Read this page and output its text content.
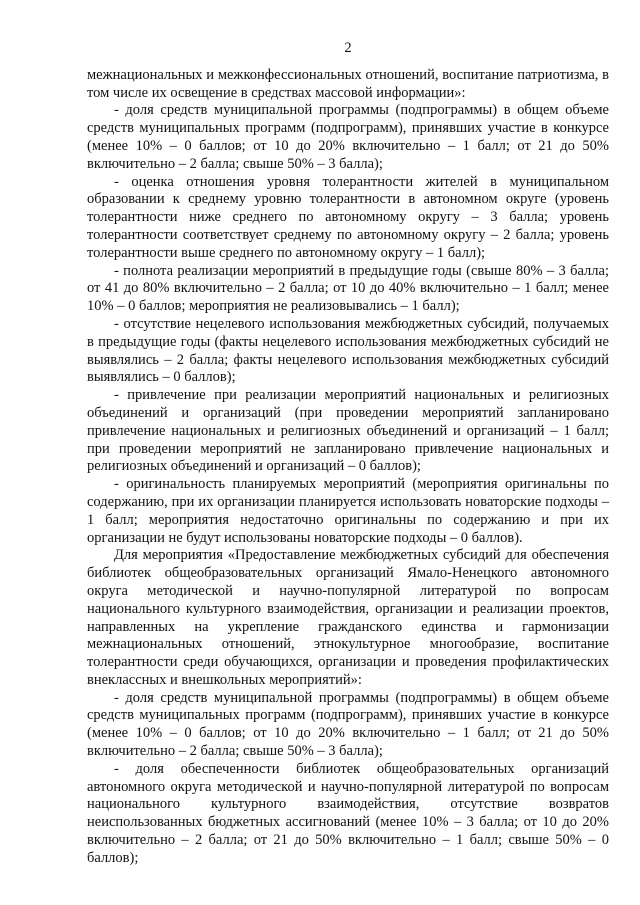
2

межнациональных и межконфессиональных отношений, воспитание патриотизма, в том числе их освещение в средствах массовой информации»:

- доля средств муниципальной программы (подпрограммы) в общем объеме средств муниципальных программ (подпрограмм), принявших участие в конкурсе (менее 10% – 0 баллов; от 10 до 20% включительно – 1 балл; от 21 до 50% включительно – 2 балла; свыше 50% – 3 балла);

- оценка отношения уровня толерантности жителей в муниципальном образовании к среднему уровню толерантности в автономном округе (уровень толерантности ниже среднего по автономному округу – 3 балла; уровень толерантности соответствует среднему по автономному округу – 2 балла; уровень толерантности выше среднего по автономному округу – 1 балл);

- полнота реализации мероприятий в предыдущие годы (свыше 80% – 3 балла; от 41 до 80% включительно – 2 балла; от 10 до 40% включительно – 1 балл; менее 10% – 0 баллов; мероприятия не реализовывались – 1 балл);

- отсутствие нецелевого использования межбюджетных субсидий, получаемых в предыдущие годы (факты нецелевого использования межбюджетных субсидий не выявлялись – 2 балла; факты нецелевого использования межбюджетных субсидий выявлялись – 0 баллов);

- привлечение при реализации мероприятий национальных и религиозных объединений и организаций (при проведении мероприятий запланировано привлечение национальных и религиозных объединений и организаций – 1 балл; при проведении мероприятий не запланировано привлечение национальных и религиозных объединений и организаций – 0 баллов);

- оригинальность планируемых мероприятий (мероприятия оригинальны по содержанию, при их организации планируется использовать новаторские подходы – 1 балл; мероприятия недостаточно оригинальны по содержанию и при их организации не будут использованы новаторские подходы – 0 баллов).

Для мероприятия «Предоставление межбюджетных субсидий для обеспечения библиотек общеобразовательных организаций Ямало-Ненецкого автономного округа методической и научно-популярной литературой по вопросам национального культурного взаимодействия, организации и реализации проектов, направленных на укрепление гражданского единства и гармонизации межнациональных отношений, этнокультурное многообразие, воспитание толерантности среди обучающихся, организации и проведения профилактических внеклассных и внешкольных мероприятий»:

- доля средств муниципальной программы (подпрограммы) в общем объеме средств муниципальных программ (подпрограмм), принявших участие в конкурсе (менее 10% – 0 баллов; от 10 до 20% включительно – 1 балл; от 21 до 50% включительно – 2 балла; свыше 50% – 3 балла);

- доля обеспеченности библиотек общеобразовательных организаций автономного округа методической и научно-популярной литературой по вопросам национального культурного взаимодействия, отсутствие возвратов неиспользованных бюджетных ассигнований (менее 10% – 3 балла; от 10 до 20% включительно – 2 балла; от 21 до 50% включительно – 1 балл; свыше 50% – 0 баллов);
